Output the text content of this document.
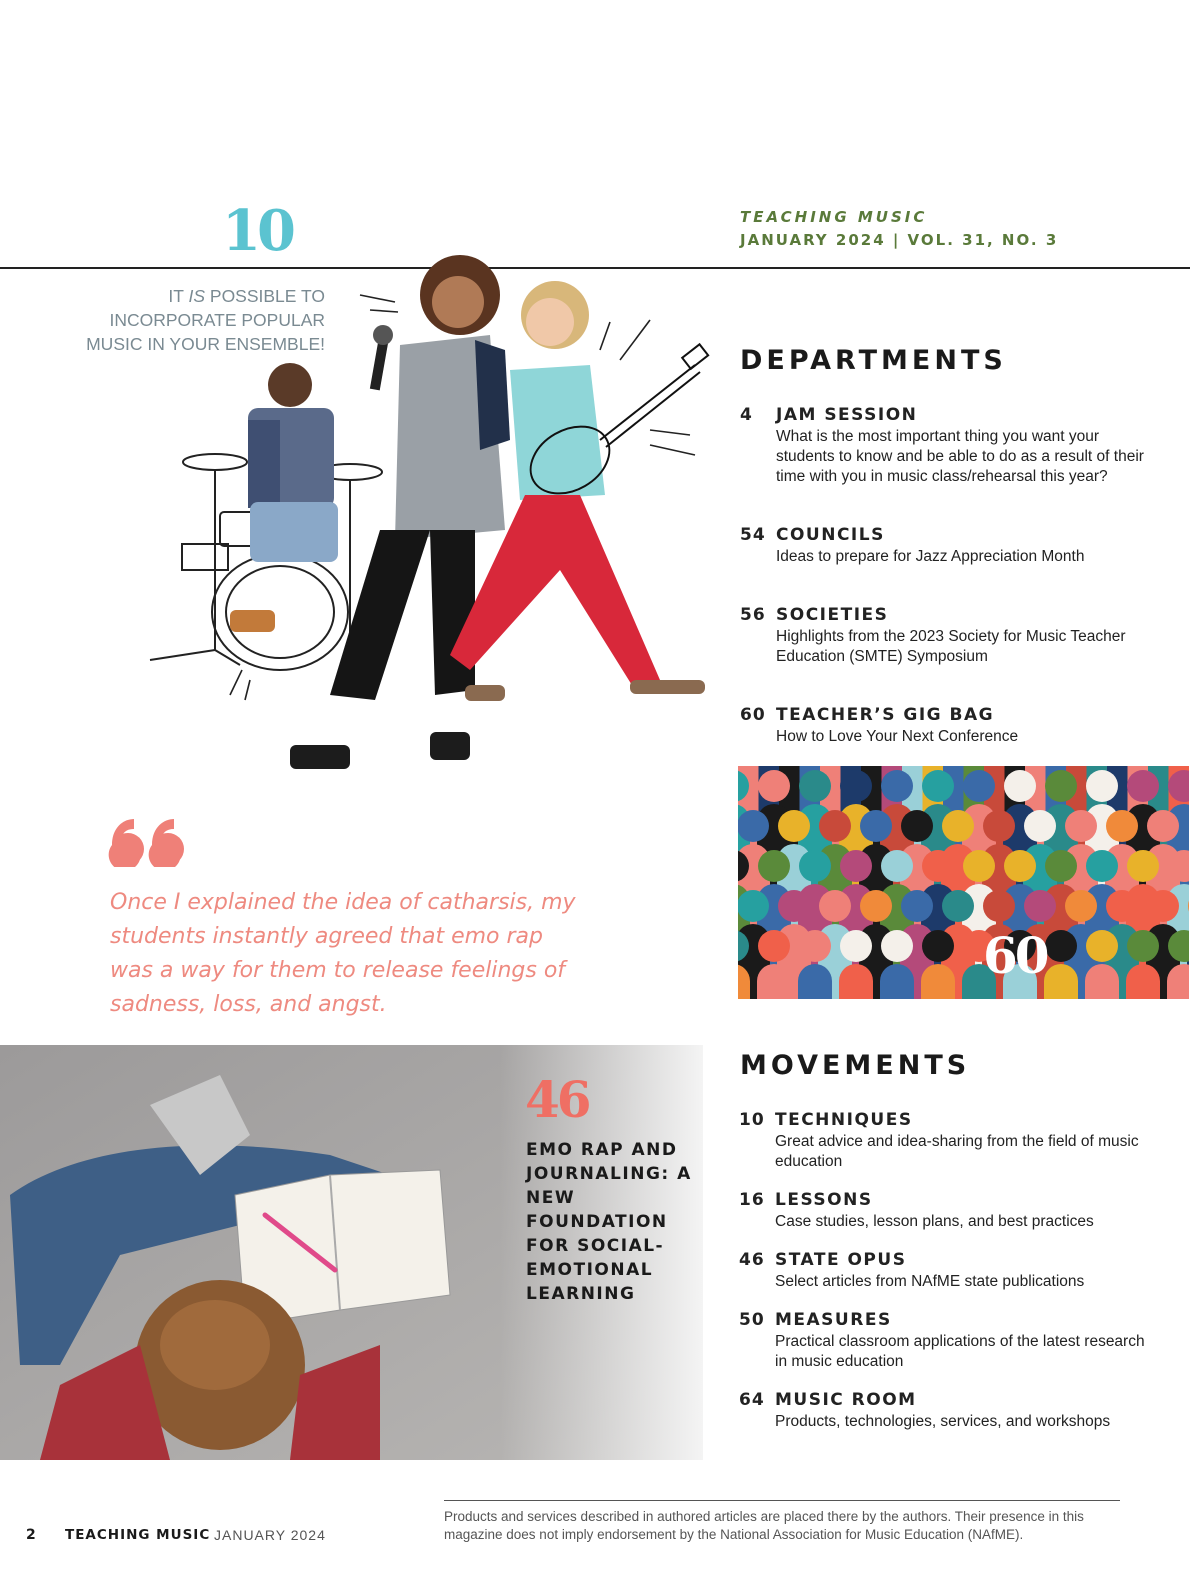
TEACHING MUSIC
JANUARY 2024 | VOL. 31, NO. 3
10
IT IS POSSIBLE TO
INCORPORATE POPULAR
MUSIC IN YOUR ENSEMBLE!
DEPARTMENTS
4 JAM SESSION
What is the most important thing you want your students to know and be able to do as a result of their time with you in music class/rehearsal this year?
54 COUNCILS
Ideas to prepare for Jazz Appreciation Month
56 SOCIETIES
Highlights from the 2023 Society for Music Teacher Education (SMTE) Symposium
60 TEACHER’S GIG BAG
How to Love Your Next Conference
Once I explained the idea of catharsis, my students instantly agreed that emo rap was a way for them to release feelings of sadness, loss, and angst.
60
46
EMO RAP AND JOURNALING: A NEW FOUNDATION FOR SOCIAL-EMOTIONAL LEARNING
MOVEMENTS
10 TECHNIQUES
Great advice and idea-sharing from the field of music education
16 LESSONS
Case studies, lesson plans, and best practices
46 STATE OPUS
Select articles from NAfME state publications
50 MEASURES
Practical classroom applications of the latest research in music education
64 MUSIC ROOM
Products, technologies, services, and workshops
2 TEACHING MUSIC JANUARY 2024
Products and services described in authored articles are placed there by the authors. Their presence in this magazine does not imply endorsement by the National Association for Music Education (NAfME).
